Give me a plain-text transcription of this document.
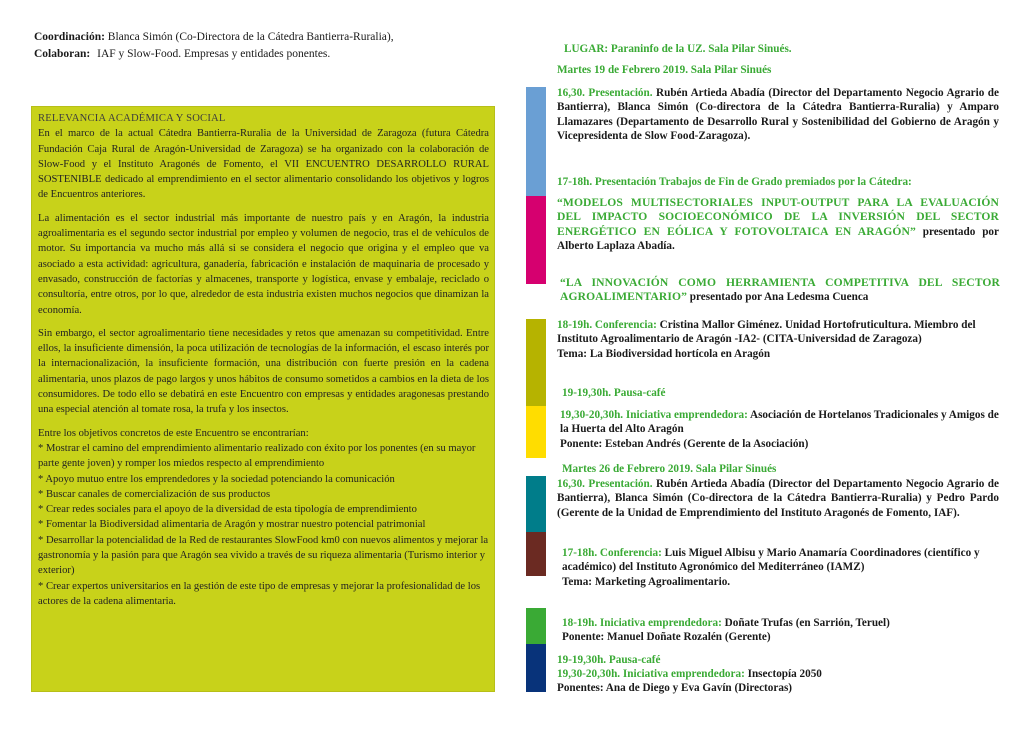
Coordinación: Blanca Simón (Co-Directora de la Cátedra Bantierra-Ruralia),
Colaboran: IAF y Slow-Food. Empresas y entidades ponentes.

RELEVANCIA ACADÉMICA Y SOCIAL

En el marco de la actual Cátedra Bantierra-Ruralia de la Universidad de Zaragoza (futura Cátedra Fundación Caja Rural de Aragón-Universidad de Zaragoza) se ha organizado con la colaboración de Slow-Food y el Instituto Aragonés de Fomento, el VII ENCUENTRO DESARROLLO RURAL SOSTENIBLE dedicado al emprendimiento en el sector alimentario consolidando los objetivos y logros de Encuentros anteriores.

La alimentación es el sector industrial más importante de nuestro país y en Aragón, la industria agroalimentaria es el segundo sector industrial por empleo y volumen de negocio, tras el de vehículos de motor. Su importancia va mucho más allá si se considera el negocio que origina y el empleo que va asociado a esta actividad: agricultura, ganadería, fabricación e instalación de maquinaria de procesado y envasado, construcción de factorías y almacenes, transporte y logística, envase y embalaje, reciclado o consultoría, entre otros, por lo que, alrededor de esta industria existen muchos negocios que dinamizan la economía.

Sin embargo, el sector agroalimentario tiene necesidades y retos que amenazan su competitividad. Entre ellos, la insuficiente dimensión, la poca utilización de tecnologías de la información, el escaso interés por la internacionalización, la insuficiente formación, una distribución con fuerte presión en la cadena alimentaria, unos plazos de pago largos y unos hábitos de consumo sometidos a cambios en la dieta de los consumidores. De todo ello se debatirá en este Encuentro con empresas y entidades aragonesas prestando una especial atención al tomate rosa, la trufa y los insectos.

Entre los objetivos concretos de este Encuentro se encontrarían:

* Mostrar el camino del emprendimiento alimentario realizado con éxito por los ponentes (en su mayor parte gente joven) y romper los miedos respecto al emprendimiento

* Apoyo mutuo entre los emprendedores y la sociedad potenciando la comunicación

* Buscar canales de comercialización de sus productos

* Crear redes sociales para el apoyo de la diversidad de esta tipología de emprendimiento

* Fomentar la Biodiversidad alimentaria de Aragón y mostrar nuestro potencial patrimonial

* Desarrollar la potencialidad de la Red de restaurantes SlowFood km0 con nuevos alimentos y mejorar la gastronomía y la pasión para que Aragón sea vivido a través de su riqueza alimentaria (Turismo interior y exterior)

* Crear expertos universitarios en la gestión de este tipo de empresas y mejorar la profesionalidad de los actores de la cadena alimentaria.

LUGAR: Paraninfo de la UZ. Sala Pilar Sinués.
Martes 19 de Febrero 2019. Sala Pilar Sinués
16,30. Presentación. Rubén Artieda Abadía (Director del Departamento Negocio Agrario de Bantierra), Blanca Simón (Co-directora de la Cátedra Bantierra-Ruralia) y Amparo Llamazares (Departamento de Desarrollo Rural y Sostenibilidad del Gobierno de Aragón y Vicepresidenta de Slow Food-Zaragoza).
17-18h. Presentación Trabajos de Fin de Grado premiados por la Cátedra:
“MODELOS MULTISECTORIALES INPUT-OUTPUT PARA LA EVALUACIÓN DEL IMPACTO SOCIOECONÓMICO DE LA INVERSIÓN DEL SECTOR ENERGÉTICO EN EÓLICA Y FOTOVOLTAICA EN ARAGÓN” presentado por Alberto Laplaza Abadía.
“LA INNOVACIÓN COMO HERRAMIENTA COMPETITIVA DEL SECTOR AGROALIMENTARIO” presentado por Ana Ledesma Cuenca
18-19h. Conferencia: Cristina Mallor Giménez. Unidad Hortofruticultura. Miembro del Instituto Agroalimentario de Aragón -IA2- (CITA-Universidad de Zaragoza)
Tema: La Biodiversidad hortícola en Aragón
19-19,30h. Pausa-café
19,30-20,30h. Iniciativa emprendedora: Asociación de Hortelanos Tradicionales y Amigos de la Huerta del Alto Aragón
Ponente: Esteban Andrés (Gerente de la Asociación)
Martes 26 de Febrero 2019. Sala Pilar Sinués
16,30. Presentación. Rubén Artieda Abadía (Director del Departamento Negocio Agrario de Bantierra), Blanca Simón (Co-directora de la Cátedra Bantierra-Ruralia) y Pedro Pardo (Gerente de la Unidad de Emprendimiento del Instituto Aragonés de Fomento, IAF).
17-18h. Conferencia: Luis Miguel Albisu y Mario Anamaría Coordinadores (científico y académico) del Instituto Agronómico del Mediterráneo (IAMZ)
Tema: Marketing Agroalimentario.
18-19h. Iniciativa emprendedora: Doñate Trufas (en Sarrión, Teruel)
Ponente: Manuel Doñate Rozalén (Gerente)
19-19,30h. Pausa-café
19,30-20,30h. Iniciativa emprendedora: Insectopía 2050
Ponentes: Ana de Diego y Eva Gavín (Directoras)
